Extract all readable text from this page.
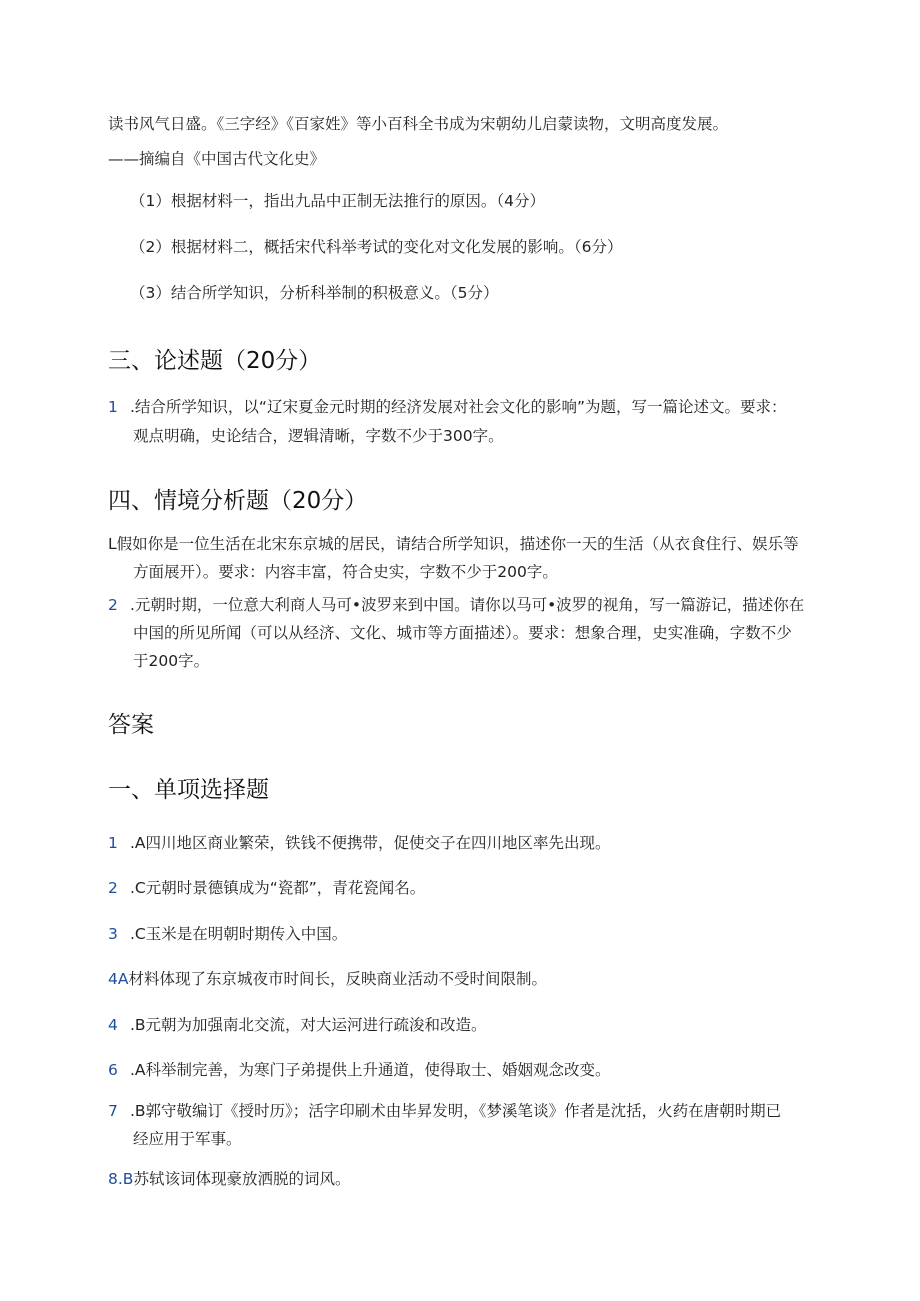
读书风气日盛。《三字经》《百家姓》等小百科全书成为宋朝幼儿启蒙读物，文明高度发展。
——摘编自《中国古代文化史》
（1）根据材料一，指出九品中正制无法推行的原因。（4分）
（2）根据材料二，概括宋代科举考试的变化对文化发展的影响。（6分）
（3）结合所学知识，分析科举制的积极意义。（5分）
三、论述题（20分）
1 .结合所学知识，以“辽宋夏金元时期的经济发展对社会文化的影响”为题，写一篇论述文。要求：
观点明确，史论结合，逻辑清晰，字数不少于300字。
四、情境分析题（20分）
L假如你是一位生活在北宋东京城的居民，请结合所学知识，描述你一天的生活（从衣食住行、娱乐等
方面展开）。要求：内容丰富，符合史实，字数不少于200字。
2 .元朝时期，一位意大利商人马可•波罗来到中国。请你以马可•波罗的视角，写一篇游记，描述你在
中国的所见所闻（可以从经济、文化、城市等方面描述）。要求：想象合理，史实准确，字数不少
于200字。
答案
一、单项选择题
1 .A四川地区商业繁荣，铁钱不便携带，促使交子在四川地区率先出现。
2 .C元朝时景德镇成为“瓷都”，青花瓷闻名。
3 .C玉米是在明朝时期传入中国。
4A材料体现了东京城夜市时间长，反映商业活动不受时间限制。
4 .B元朝为加强南北交流，对大运河进行疏浚和改造。
6 .A科举制完善，为寒门子弟提供上升通道，使得取士、婚姻观念改变。
7 .B郭守敬编订《授时历》；活字印刷术由毕昇发明，《梦溪笔谈》作者是沈括，火药在唐朝时期已
经应用于军事。
8.B苏轼该词体现豪放洒脱的词风。
